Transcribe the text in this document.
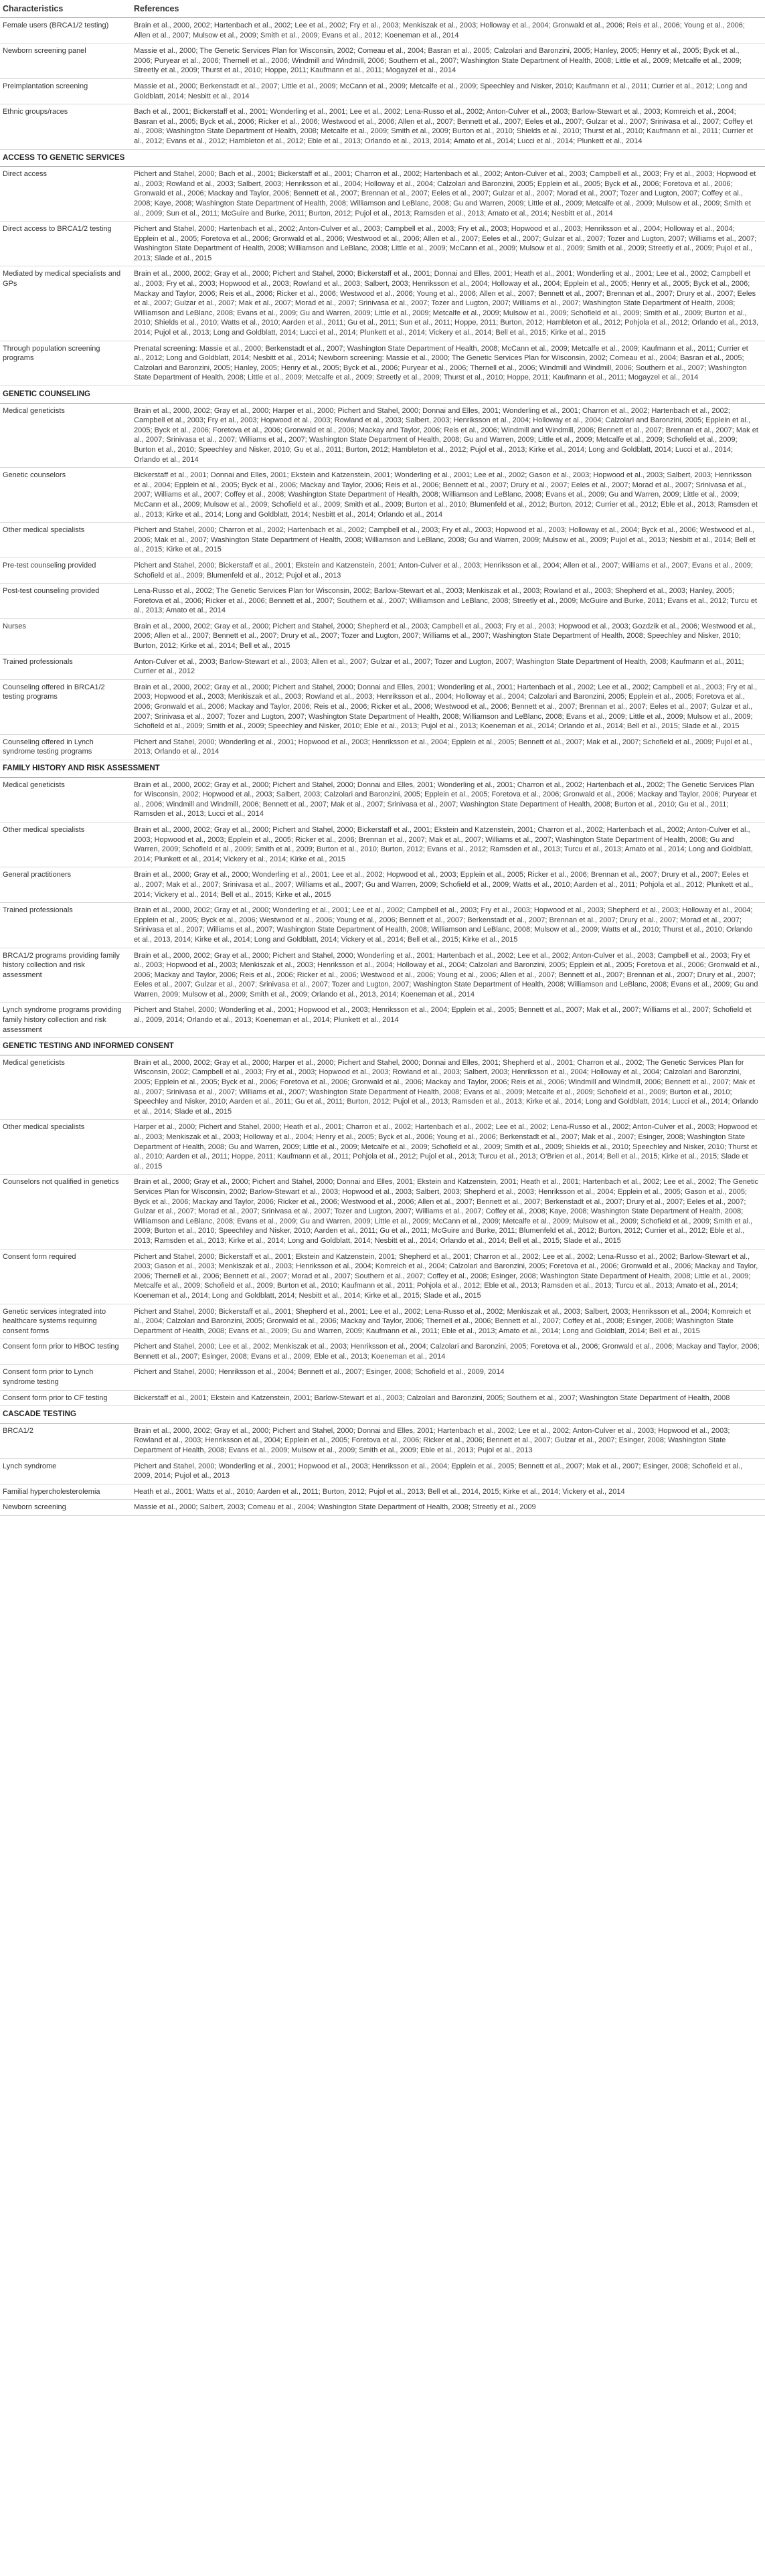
Characteristics	References
Female users (BRCA1/2 testing)	Brain et al., 2000, 2002; Hartenbach et al., 2002; Lee et al., 2002; Fry et al., 2003; Menkiszak et al., 2003; Holloway et al., 2004; Gronwald et al., 2006; Reis et al., 2006; Young et al., 2006; Allen et al., 2007; Mulsow et al., 2009; Smith et al., 2009; Evans et al., 2012; Koeneman et al., 2014
Newborn screening panel	Massie et al., 2000; The Genetic Services Plan for Wisconsin, 2002; Comeau et al., 2004; Basran et al., 2005; Calzolari and Baronzini, 2005; Hanley, 2005; Henry et al., 2005; Byck et al., 2006; Puryear et al., 2006; Thernell et al., 2006; Windmill and Windmill, 2006; Southern et al., 2007; Washington State Department of Health, 2008; Little et al., 2009; Metcalfe et al., 2009; Streetly et al., 2009; Thurst et al., 2010; Hoppe, 2011; Kaufmann et al., 2011; Mogayzel et al., 2014
Preimplantation screening	Massie et al., 2000; Berkenstadt et al., 2007; Little et al., 2009; McCann et al., 2009; Metcalfe et al., 2009; Speechley and Nisker, 2010; Kaufmann et al., 2011; Currier et al., 2012; Long and Goldblatt, 2014; Nesbitt et al., 2014
Ethnic groups/races	Bach et al., 2001; Bickerstaff et al., 2001; Wonderling et al., 2001; Lee et al., 2002; Lena-Russo et al., 2002; Anton-Culver et al., 2003; Barlow-Stewart et al., 2003; Komreich et al., 2004; Basran et al., 2005; Byck et al., 2006; Ricker et al., 2006; Westwood et al., 2006; Allen et al., 2007; Bennett et al., 2007; Eeles et al., 2007; Gulzar et al., 2007; Srinivasa et al., 2007; Coffey et al., 2008; Washington State Department of Health, 2008; Metcalfe et al., 2009; Smith et al., 2009; Burton et al., 2010; Shields et al., 2010; Thurst et al., 2010; Kaufmann et al., 2011; Currier et al., 2012; Evans et al., 2012; Hambleton et al., 2012; Eble et al., 2013; Orlando et al., 2013, 2014; Amato et al., 2014; Lucci et al., 2014; Plunkett et al., 2014
ACCESS TO GENETIC SERVICES	
Direct access	Pichert and Stahel, 2000; Bach et al., 2001; Bickerstaff et al., 2001; Charron et al., 2002; Hartenbach et al., 2002; Anton-Culver et al., 2003; Campbell et al., 2003; Fry et al., 2003; Hopwood et al., 2003; Rowland et al., 2003; Salbert, 2003; Henriksson et al., 2004; Holloway et al., 2004; Calzolari and Baronzini, 2005; Epplein et al., 2005; Byck et al., 2006; Foretova et al., 2006; Gronwald et al., 2006; Mackay and Taylor, 2006; Bennett et al., 2007; Brennan et al., 2007; Eeles et al., 2007; Gulzar et al., 2007; Morad et al., 2007; Tozer and Lugton, 2007; Coffey et al., 2008; Kaye, 2008; Washington State Department of Health, 2008; Williamson and LeBlanc, 2008; Gu and Warren, 2009; Little et al., 2009; Metcalfe et al., 2009; Mulsow et al., 2009; Smith et al., 2009; Sun et al., 2011; McGuire and Burke, 2011; Burton, 2012; Pujol et al., 2013; Ramsden et al., 2013; Amato et al., 2014; Nesbitt et al., 2014
Direct access to BRCA1/2 testing	Pichert and Stahel, 2000; Hartenbach et al., 2002; Anton-Culver et al., 2003; Campbell et al., 2003; Fry et al., 2003; Hopwood et al., 2003; Henriksson et al., 2004; Holloway et al., 2004; Epplein et al., 2005; Foretova et al., 2006; Gronwald et al., 2006; Westwood et al., 2006; Allen et al., 2007; Eeles et al., 2007; Gulzar et al., 2007; Tozer and Lugton, 2007; Williams et al., 2007; Washington State Department of Health, 2008; Williamson and LeBlanc, 2008; Little et al., 2009; McCann et al., 2009; Mulsow et al., 2009; Smith et al., 2009; Streetly et al., 2009; Pujol et al., 2013; Slade et al., 2015
Mediated by medical specialists and GPs	Brain et al., 2000, 2002; Gray et al., 2000; Pichert and Stahel, 2000; Bickerstaff et al., 2001; Donnai and Elles, 2001; Heath et al., 2001; Wonderling et al., 2001; Lee et al., 2002; Campbell et al., 2003; Fry et al., 2003; Hopwood et al., 2003; Rowland et al., 2003; Salbert, 2003; Henriksson et al., 2004; Holloway et al., 2004; Epplein et al., 2005; Henry et al., 2005; Byck et al., 2006; Mackay and Taylor, 2006; Reis et al., 2006; Ricker et al., 2006; Westwood et al., 2006; Young et al., 2006; Allen et al., 2007; Bennett et al., 2007; Brennan et al., 2007; Drury et al., 2007; Eeles et al., 2007; Gulzar et al., 2007; Mak et al., 2007; Morad et al., 2007; Srinivasa et al., 2007; Tozer and Lugton, 2007; Williams et al., 2007; Washington State Department of Health, 2008; Williamson and LeBlanc, 2008; Evans et al., 2009; Gu and Warren, 2009; Little et al., 2009; Metcalfe et al., 2009; Mulsow et al., 2009; Schofield et al., 2009; Smith et al., 2009; Burton et al., 2010; Shields et al., 2010; Watts et al., 2010; Aarden et al., 2011; Gu et al., 2011; Sun et al., 2011; Hoppe, 2011; Burton, 2012; Hambleton et al., 2012; Pohjola et al., 2012; Orlando et al., 2013, 2014; Pujol et al., 2013; Long and Goldblatt, 2014; Lucci et al., 2014; Plunkett et al., 2014; Vickery et al., 2014; Bell et al., 2015; Kirke et al., 2015
Through population screening programs	Prenatal screening: Massie et al., 2000; Berkenstadt et al., 2007; Washington State Department of Health, 2008; McCann et al., 2009; Metcalfe et al., 2009; Kaufmann et al., 2011; Currier et al., 2012; Long and Goldblatt, 2014; Nesbitt et al., 2014; Newborn screening: Massie et al., 2000; The Genetic Services Plan for Wisconsin, 2002; Comeau et al., 2004; Basran et al., 2005; Calzolari and Baronzini, 2005; Hanley, 2005; Henry et al., 2005; Byck et al., 2006; Puryear et al., 2006; Thernell et al., 2006; Windmill and Windmill, 2006; Southern et al., 2007; Washington State Department of Health, 2008; Little et al., 2009; Metcalfe et al., 2009; Streetly et al., 2009; Thurst et al., 2010; Hoppe, 2011; Kaufmann et al., 2011; Mogayzel et al., 2014
GENETIC COUNSELING	
Medical geneticists	Brain et al., 2000, 2002; Gray et al., 2000; Harper et al., 2000; Pichert and Stahel, 2000; Donnai and Elles, 2001; Wonderling et al., 2001; Charron et al., 2002; Hartenbach et al., 2002; Campbell et al., 2003; Fry et al., 2003; Hopwood et al., 2003; Rowland et al., 2003; Salbert, 2003; Henriksson et al., 2004; Holloway et al., 2004; Calzolari and Baronzini, 2005; Epplein et al., 2005; Byck et al., 2006; Foretova et al., 2006; Gronwald et al., 2006; Mackay and Taylor, 2006; Reis et al., 2006; Windmill and Windmill, 2006; Bennett et al., 2007; Brennan et al., 2007; Mak et al., 2007; Srinivasa et al., 2007; Williams et al., 2007; Washington State Department of Health, 2008; Gu and Warren, 2009; Little et al., 2009; Metcalfe et al., 2009; Schofield et al., 2009; Burton et al., 2010; Speechley and Nisker, 2010; Gu et al., 2011; Burton, 2012; Hambleton et al., 2012; Pujol et al., 2013; Kirke et al., 2014; Long and Goldblatt, 2014; Lucci et al., 2014; Orlando et al., 2014
Genetic counselors	Bickerstaff et al., 2001; Donnai and Elles, 2001; Ekstein and Katzenstein, 2001; Wonderling et al., 2001; Lee et al., 2002; Gason et al., 2003; Hopwood et al., 2003; Salbert, 2003; Henriksson et al., 2004; Epplein et al., 2005; Byck et al., 2006; Mackay and Taylor, 2006; Reis et al., 2006; Bennett et al., 2007; Drury et al., 2007; Eeles et al., 2007; Morad et al., 2007; Srinivasa et al., 2007; Williams et al., 2007; Coffey et al., 2008; Washington State Department of Health, 2008; Williamson and LeBlanc, 2008; Evans et al., 2009; Gu and Warren, 2009; Little et al., 2009; McCann et al., 2009; Mulsow et al., 2009; Schofield et al., 2009; Smith et al., 2009; Burton et al., 2010; Blumenfeld et al., 2012; Burton, 2012; Currier et al., 2012; Eble et al., 2013; Ramsden et al., 2013; Kirke et al., 2014; Long and Goldblatt, 2014; Nesbitt et al., 2014; Orlando et al., 2014
Other medical specialists	Pichert and Stahel, 2000; Charron et al., 2002; Hartenbach et al., 2002; Campbell et al., 2003; Fry et al., 2003; Hopwood et al., 2003; Holloway et al., 2004; Byck et al., 2006; Westwood et al., 2006; Mak et al., 2007; Washington State Department of Health, 2008; Williamson and LeBlanc, 2008; Gu and Warren, 2009; Mulsow et al., 2009; Pujol et al., 2013; Nesbitt et al., 2014; Bell et al., 2015; Kirke et al., 2015
Pre-test counseling provided	Pichert and Stahel, 2000; Bickerstaff et al., 2001; Ekstein and Katzenstein, 2001; Anton-Culver et al., 2003; Henriksson et al., 2004; Allen et al., 2007; Williams et al., 2007; Evans et al., 2009; Schofield et al., 2009; Blumenfeld et al., 2012; Pujol et al., 2013
Post-test counseling provided	Lena-Russo et al., 2002; The Genetic Services Plan for Wisconsin, 2002; Barlow-Stewart et al., 2003; Menkiszak et al., 2003; Rowland et al., 2003; Shepherd et al., 2003; Hanley, 2005; Foretova et al., 2006; Ricker et al., 2006; Bennett et al., 2007; Southern et al., 2007; Williamson and LeBlanc, 2008; Streetly et al., 2009; McGuire and Burke, 2011; Evans et al., 2012; Turcu et al., 2013; Amato et al., 2014
Nurses	Brain et al., 2000, 2002; Gray et al., 2000; Pichert and Stahel, 2000; Shepherd et al., 2003; Campbell et al., 2003; Fry et al., 2003; Hopwood et al., 2003; Gozdzik et al., 2006; Westwood et al., 2006; Allen et al., 2007; Bennett et al., 2007; Drury et al., 2007; Tozer and Lugton, 2007; Williams et al., 2007; Washington State Department of Health, 2008; Speechley and Nisker, 2010; Burton, 2012; Kirke et al., 2014; Bell et al., 2015
Trained professionals	Anton-Culver et al., 2003; Barlow-Stewart et al., 2003; Allen et al., 2007; Gulzar et al., 2007; Tozer and Lugton, 2007; Washington State Department of Health, 2008; Kaufmann et al., 2011; Currier et al., 2012
Counseling offered in BRCA1/2 testing programs	Brain et al., 2000, 2002; Gray et al., 2000; Pichert and Stahel, 2000; Donnai and Elles, 2001; Wonderling et al., 2001; Hartenbach et al., 2002; Lee et al., 2002; Campbell et al., 2003; Fry et al., 2003; Hopwood et al., 2003; Menkiszak et al., 2003; Rowland et al., 2003; Henriksson et al., 2004; Holloway et al., 2004; Calzolari and Baronzini, 2005; Epplein et al., 2005; Foretova et al., 2006; Gronwald et al., 2006; Mackay and Taylor, 2006; Reis et al., 2006; Ricker et al., 2006; Westwood et al., 2006; Bennett et al., 2007; Brennan et al., 2007; Eeles et al., 2007; Gulzar et al., 2007; Srinivasa et al., 2007; Tozer and Lugton, 2007; Washington State Department of Health, 2008; Williamson and LeBlanc, 2008; Evans et al., 2009; Little et al., 2009; Mulsow et al., 2009; Schofield et al., 2009; Smith et al., 2009; Speechley and Nisker, 2010; Eble et al., 2013; Pujol et al., 2013; Koeneman et al., 2014; Orlando et al., 2014; Bell et al., 2015; Slade et al., 2015
Counseling offered in Lynch syndrome testing programs	Pichert and Stahel, 2000; Wonderling et al., 2001; Hopwood et al., 2003; Henriksson et al., 2004; Epplein et al., 2005; Bennett et al., 2007; Mak et al., 2007; Schofield et al., 2009; Pujol et al., 2013; Orlando et al., 2014
FAMILY HISTORY AND RISK ASSESSMENT	
Medical geneticists	Brain et al., 2000, 2002; Gray et al., 2000; Pichert and Stahel, 2000; Donnai and Elles, 2001; Wonderling et al., 2001; Charron et al., 2002; Hartenbach et al., 2002; The Genetic Services Plan for Wisconsin, 2002; Hopwood et al., 2003; Salbert, 2003; Calzolari and Baronzini, 2005; Epplein et al., 2005; Foretova et al., 2006; Gronwald et al., 2006; Mackay and Taylor, 2006; Puryear et al., 2006; Windmill and Windmill, 2006; Bennett et al., 2007; Mak et al., 2007; Srinivasa et al., 2007; Washington State Department of Health, 2008; Burton et al., 2010; Gu et al., 2011; Ramsden et al., 2013; Lucci et al., 2014
Other medical specialists	Brain et al., 2000, 2002; Gray et al., 2000; Pichert and Stahel, 2000; Bickerstaff et al., 2001; Ekstein and Katzenstein, 2001; Charron et al., 2002; Hartenbach et al., 2002; Anton-Culver et al., 2003; Hopwood et al., 2003; Epplein et al., 2005; Ricker et al., 2006; Brennan et al., 2007; Mak et al., 2007; Williams et al., 2007; Washington State Department of Health, 2008; Gu and Warren, 2009; Schofield et al., 2009; Smith et al., 2009; Burton et al., 2010; Burton, 2012; Evans et al., 2012; Ramsden et al., 2013; Turcu et al., 2013; Amato et al., 2014; Long and Goldblatt, 2014; Plunkett et al., 2014; Vickery et al., 2014; Kirke et al., 2015
General practitioners	Brain et al., 2000; Gray et al., 2000; Wonderling et al., 2001; Lee et al., 2002; Hopwood et al., 2003; Epplein et al., 2005; Ricker et al., 2006; Brennan et al., 2007; Drury et al., 2007; Eeles et al., 2007; Mak et al., 2007; Srinivasa et al., 2007; Williams et al., 2007; Gu and Warren, 2009; Schofield et al., 2009; Watts et al., 2010; Aarden et al., 2011; Pohjola et al., 2012; Plunkett et al., 2014; Vickery et al., 2014; Bell et al., 2015; Kirke et al., 2015
Trained professionals	Brain et al., 2000, 2002; Gray et al., 2000; Wonderling et al., 2001; Lee et al., 2002; Campbell et al., 2003; Fry et al., 2003; Hopwood et al., 2003; Shepherd et al., 2003; Holloway et al., 2004; Epplein et al., 2005; Byck et al., 2006; Westwood et al., 2006; Young et al., 2006; Bennett et al., 2007; Berkenstadt et al., 2007; Brennan et al., 2007; Drury et al., 2007; Morad et al., 2007; Srinivasa et al., 2007; Williams et al., 2007; Washington State Department of Health, 2008; Williamson and LeBlanc, 2008; Mulsow et al., 2009; Watts et al., 2010; Thurst et al., 2010; Orlando et al., 2013, 2014; Kirke et al., 2014; Long and Goldblatt, 2014; Vickery et al., 2014; Bell et al., 2015; Kirke et al., 2015
BRCA1/2 programs providing family history collection and risk assessment	Brain et al., 2000, 2002; Gray et al., 2000; Pichert and Stahel, 2000; Wonderling et al., 2001; Hartenbach et al., 2002; Lee et al., 2002; Anton-Culver et al., 2003; Campbell et al., 2003; Fry et al., 2003; Hopwood et al., 2003; Menkiszak et al., 2003; Henriksson et al., 2004; Holloway et al., 2004; Calzolari and Baronzini, 2005; Epplein et al., 2005; Foretova et al., 2006; Gronwald et al., 2006; Mackay and Taylor, 2006; Reis et al., 2006; Ricker et al., 2006; Westwood et al., 2006; Young et al., 2006; Allen et al., 2007; Bennett et al., 2007; Brennan et al., 2007; Drury et al., 2007; Eeles et al., 2007; Gulzar et al., 2007; Srinivasa et al., 2007; Tozer and Lugton, 2007; Washington State Department of Health, 2008; Williamson and LeBlanc, 2008; Evans et al., 2009; Gu and Warren, 2009; Mulsow et al., 2009; Smith et al., 2009; Orlando et al., 2013, 2014; Koeneman et al., 2014
Lynch syndrome programs providing family history collection and risk assessment	Pichert and Stahel, 2000; Wonderling et al., 2001; Hopwood et al., 2003; Henriksson et al., 2004; Epplein et al., 2005; Bennett et al., 2007; Mak et al., 2007; Williams et al., 2007; Schofield et al., 2009, 2014; Orlando et al., 2013; Koeneman et al., 2014; Plunkett et al., 2014
GENETIC TESTING AND INFORMED CONSENT	
Medical geneticists	Brain et al., 2000, 2002; Gray et al., 2000; Harper et al., 2000; Pichert and Stahel, 2000; Donnai and Elles, 2001; Shepherd et al., 2001; Charron et al., 2002; The Genetic Services Plan for Wisconsin, 2002; Campbell et al., 2003; Fry et al., 2003; Hopwood et al., 2003; Rowland et al., 2003; Salbert, 2003; Henriksson et al., 2004; Holloway et al., 2004; Calzolari and Baronzini, 2005; Epplein et al., 2005; Byck et al., 2006; Foretova et al., 2006; Gronwald et al., 2006; Mackay and Taylor, 2006; Reis et al., 2006; Windmill and Windmill, 2006; Bennett et al., 2007; Mak et al., 2007; Srinivasa et al., 2007; Williams et al., 2007; Washington State Department of Health, 2008; Evans et al., 2009; Metcalfe et al., 2009; Schofield et al., 2009; Burton et al., 2010; Speechley and Nisker, 2010; Aarden et al., 2011; Gu et al., 2011; Burton, 2012; Pujol et al., 2013; Ramsden et al., 2013; Kirke et al., 2014; Long and Goldblatt, 2014; Lucci et al., 2014; Orlando et al., 2014; Slade et al., 2015
Other medical specialists	Harper et al., 2000; Pichert and Stahel, 2000; Heath et al., 2001; Charron et al., 2002; Hartenbach et al., 2002; Lee et al., 2002; Lena-Russo et al., 2002; Anton-Culver et al., 2003; Hopwood et al., 2003; Menkiszak et al., 2003; Holloway et al., 2004; Henry et al., 2005; Byck et al., 2006; Young et al., 2006; Berkenstadt et al., 2007; Mak et al., 2007; Esinger, 2008; Washington State Department of Health, 2008; Gu and Warren, 2009; Little et al., 2009; Metcalfe et al., 2009; Schofield et al., 2009; Smith et al., 2009; Shields et al., 2010; Speechley and Nisker, 2010; Thurst et al., 2010; Aarden et al., 2011; Hoppe, 2011; Kaufmann et al., 2011; Pohjola et al., 2012; Pujol et al., 2013; Turcu et al., 2013; O'Brien et al., 2014; Bell et al., 2015; Kirke et al., 2015; Slade et al., 2015
Counselors not qualified in genetics	Brain et al., 2000; Gray et al., 2000; Pichert and Stahel, 2000; Donnai and Elles, 2001; Ekstein and Katzenstein, 2001; Heath et al., 2001; Hartenbach et al., 2002; Lee et al., 2002; The Genetic Services Plan for Wisconsin, 2002; Barlow-Stewart et al., 2003; Hopwood et al., 2003; Salbert, 2003; Shepherd et al., 2003; Henriksson et al., 2004; Epplein et al., 2005; Gason et al., 2005; Byck et al., 2006; Mackay and Taylor, 2006; Ricker et al., 2006; Westwood et al., 2006; Allen et al., 2007; Bennett et al., 2007; Berkenstadt et al., 2007; Drury et al., 2007; Eeles et al., 2007; Gulzar et al., 2007; Morad et al., 2007; Srinivasa et al., 2007; Tozer and Lugton, 2007; Williams et al., 2007; Coffey et al., 2008; Kaye, 2008; Washington State Department of Health, 2008; Williamson and LeBlanc, 2008; Evans et al., 2009; Gu and Warren, 2009; Little et al., 2009; McCann et al., 2009; Metcalfe et al., 2009; Mulsow et al., 2009; Schofield et al., 2009; Smith et al., 2009; Burton et al., 2010; Speechley and Nisker, 2010; Aarden et al., 2011; Gu et al., 2011; McGuire and Burke, 2011; Blumenfeld et al., 2012; Burton, 2012; Currier et al., 2012; Eble et al., 2013; Ramsden et al., 2013; Kirke et al., 2014; Long and Goldblatt, 2014; Nesbitt et al., 2014; Orlando et al., 2014; Bell et al., 2015; Slade et al., 2015
Consent form required	Pichert and Stahel, 2000; Bickerstaff et al., 2001; Ekstein and Katzenstein, 2001; Shepherd et al., 2001; Charron et al., 2002; Lee et al., 2002; Lena-Russo et al., 2002; Barlow-Stewart et al., 2003; Gason et al., 2003; Menkiszak et al., 2003; Henriksson et al., 2004; Komreich et al., 2004; Calzolari and Baronzini, 2005; Foretova et al., 2006; Gronwald et al., 2006; Mackay and Taylor, 2006; Thernell et al., 2006; Bennett et al., 2007; Morad et al., 2007; Southern et al., 2007; Coffey et al., 2008; Esinger, 2008; Washington State Department of Health, 2008; Little et al., 2009; Metcalfe et al., 2009; Schofield et al., 2009; Burton et al., 2010; Kaufmann et al., 2011; Pohjola et al., 2012; Eble et al., 2013; Ramsden et al., 2013; Turcu et al., 2013; Amato et al., 2014; Koeneman et al., 2014; Long and Goldblatt, 2014; Nesbitt et al., 2014; Kirke et al., 2015; Slade et al., 2015
Genetic services integrated into healthcare systems requiring consent forms	Pichert and Stahel, 2000; Bickerstaff et al., 2001; Shepherd et al., 2001; Lee et al., 2002; Lena-Russo et al., 2002; Menkiszak et al., 2003; Salbert, 2003; Henriksson et al., 2004; Komreich et al., 2004; Calzolari and Baronzini, 2005; Gronwald et al., 2006; Mackay and Taylor, 2006; Thernell et al., 2006; Bennett et al., 2007; Coffey et al., 2008; Esinger, 2008; Washington State Department of Health, 2008; Evans et al., 2009; Gu and Warren, 2009; Kaufmann et al., 2011; Eble et al., 2013; Amato et al., 2014; Long and Goldblatt, 2014; Bell et al., 2015
Consent form prior to HBOC testing	Pichert and Stahel, 2000; Lee et al., 2002; Menkiszak et al., 2003; Henriksson et al., 2004; Calzolari and Baronzini, 2005; Foretova et al., 2006; Gronwald et al., 2006; Mackay and Taylor, 2006; Bennett et al., 2007; Esinger, 2008; Evans et al., 2009; Eble et al., 2013; Koeneman et al., 2014
Consent form prior to Lynch syndrome testing	Pichert and Stahel, 2000; Henriksson et al., 2004; Bennett et al., 2007; Esinger, 2008; Schofield et al., 2009, 2014
Consent form prior to CF testing	Bickerstaff et al., 2001; Ekstein and Katzenstein, 2001; Barlow-Stewart et al., 2003; Calzolari and Baronzini, 2005; Southern et al., 2007; Washington State Department of Health, 2008
CASCADE TESTING	
BRCA1/2	Brain et al., 2000, 2002; Gray et al., 2000; Pichert and Stahel, 2000; Donnai and Elles, 2001; Hartenbach et al., 2002; Lee et al., 2002; Anton-Culver et al., 2003; Hopwood et al., 2003; Rowland et al., 2003; Henriksson et al., 2004; Epplein et al., 2005; Foretova et al., 2006; Ricker et al., 2006; Bennett et al., 2007; Gulzar et al., 2007; Esinger, 2008; Washington State Department of Health, 2008; Evans et al., 2009; Mulsow et al., 2009; Smith et al., 2009; Eble et al., 2013; Pujol et al., 2013
Lynch syndrome	Pichert and Stahel, 2000; Wonderling et al., 2001; Hopwood et al., 2003; Henriksson et al., 2004; Epplein et al., 2005; Bennett et al., 2007; Mak et al., 2007; Esinger, 2008; Schofield et al., 2009, 2014; Pujol et al., 2013
Familial hypercholesterolemia	Heath et al., 2001; Watts et al., 2010; Aarden et al., 2011; Burton, 2012; Pujol et al., 2013; Bell et al., 2014, 2015; Kirke et al., 2014; Vickery et al., 2014
Newborn screening	Massie et al., 2000; Salbert, 2003; Comeau et al., 2004; Washington State Department of Health, 2008; Streetly et al., 2009
